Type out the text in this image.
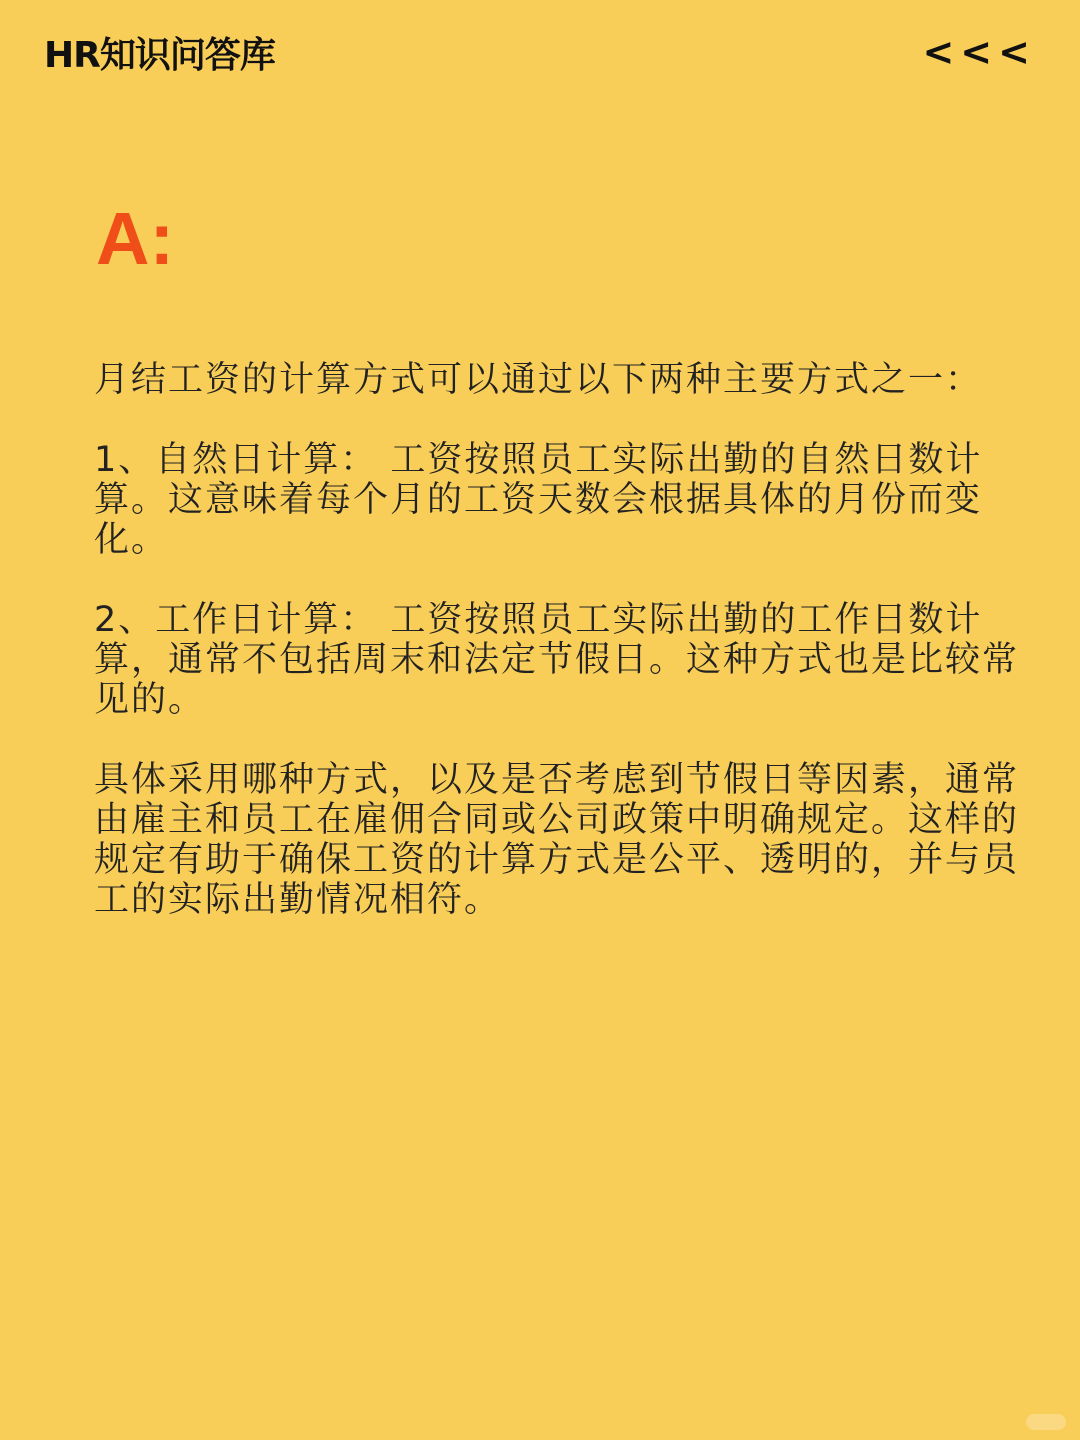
HR知识问答库	<<<
A:

月结工资的计算方式可以通过以下两种主要方式之一：

1、自然日计算： 工资按照员工实际出勤的自然日数计算。这意味着每个月的工资天数会根据具体的月份而变化。

2、工作日计算： 工资按照员工实际出勤的工作日数计算，通常不包括周末和法定节假日。这种方式也是比较常见的。

具体采用哪种方式，以及是否考虑到节假日等因素，通常由雇主和员工在雇佣合同或公司政策中明确规定。这样的规定有助于确保工资的计算方式是公平、透明的，并与员工的实际出勤情况相符。
